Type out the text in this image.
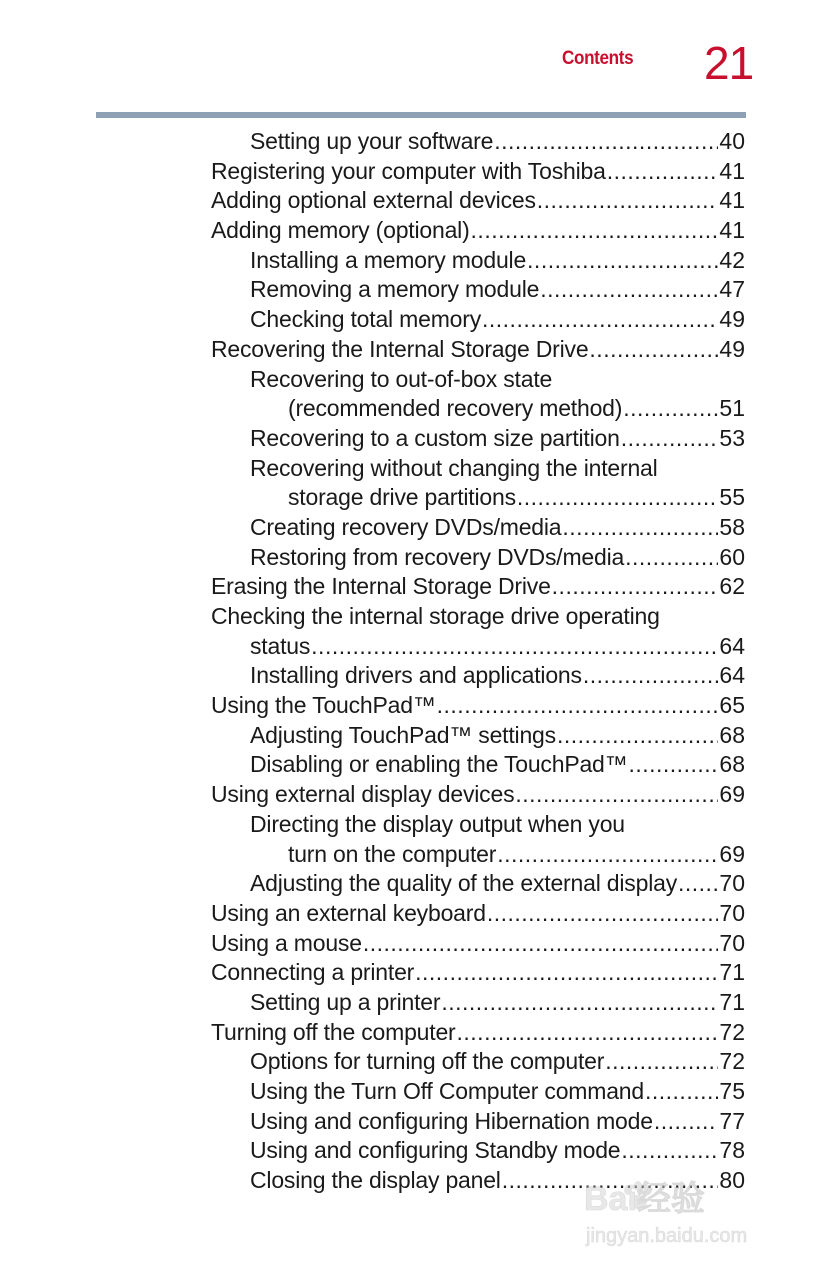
Contents 21
Setting up your software .....	40
Registering your computer with Toshiba .....	41
Adding optional external devices .....	41
Adding memory (optional) .....	41
Installing a memory module .....	42
Removing a memory module .....	47
Checking total memory .....	49
Recovering the Internal Storage Drive .....	49
Recovering to out-of-box state
(recommended recovery method) .....	51
Recovering to a custom size partition .....	53
Recovering without changing the internal
storage drive partitions .....	55
Creating recovery DVDs/media .....	58
Restoring from recovery DVDs/media .....	60
Erasing the Internal Storage Drive .....	62
Checking the internal storage drive operating
status .....	64
Installing drivers and applications .....	64
Using the TouchPad™ .....	65
Adjusting TouchPad™ settings .....	68
Disabling or enabling the TouchPad™ .....	68
Using external display devices .....	69
Directing the display output when you
turn on the computer .....	69
Adjusting the quality of the external display ..... 70
Using an external keyboard .....	70
Using a mouse .....	70
Connecting a printer .....	71
Setting up a printer .....	71
Turning off the computer .....	72
Options for turning off the computer .....	72
Using the Turn Off Computer command .....	75
Using and configuring Hibernation mode .....	77
Using and configuring Standby mode .....	78
Closing the display panel .....	80
Bai经验
jingyan.baidu.com
